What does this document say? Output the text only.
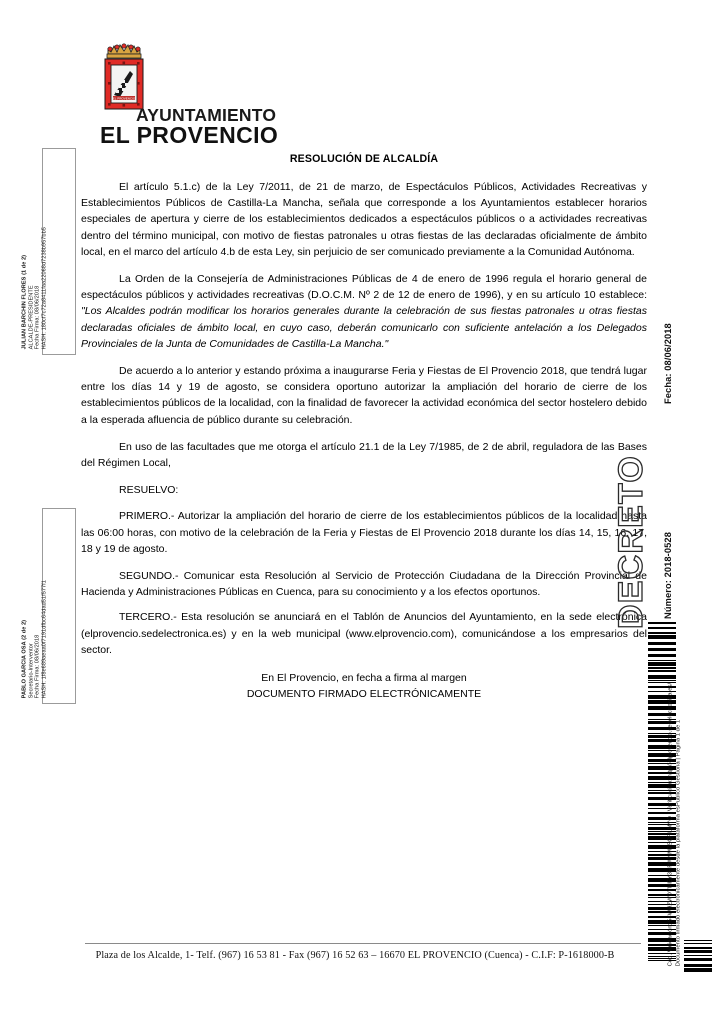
EL PROVENCIO
AYUNTAMIENTO
EL PROVENCIO
RESOLUCIÓN DE ALCALDÍA

El artículo 5.1.c) de la Ley 7/2011, de 21 de marzo, de Espectáculos Públicos, Actividades Recreativas y Establecimientos Públicos de Castilla-La Mancha, señala que corresponde a los Ayuntamientos establecer horarios especiales de apertura y cierre de los establecimientos dedicados a espectáculos públicos o a actividades recreativas dentro del término municipal, con motivo de fiestas patronales u otras fiestas de las declaradas oficialmente de ámbito local, en el marco del artículo 4.b de esta Ley, sin perjuicio de ser comunicado previamente a la Comunidad Autónoma.

La Orden de la Consejería de Administraciones Públicas de 4 de enero de 1996 regula el horario general de espectáculos públicos y actividades recreativas (D.O.C.M. Nº 2 de 12 de enero de 1996), y en su artículo 10 establece: "Los Alcaldes podrán modificar los horarios generales durante la celebración de sus fiestas patronales u otras fiestas declaradas oficiales de ámbito local, en cuyo caso, deberán comunicarlo con suficiente antelación a los Delegados Provinciales de la Junta de Comunidades de Castilla-La Mancha."

De acuerdo a lo anterior y estando próxima a inaugurarse Feria y Fiestas de El Provencio 2018, que tendrá lugar entre los días 14 y 19 de agosto, se considera oportuno autorizar la ampliación del horario de cierre de los establecimientos públicos de la localidad, con la finalidad de favorecer la actividad económica del sector hostelero debido a la esperada afluencia de público durante su celebración.

En uso de las facultades que me otorga el artículo 21.1 de la Ley 7/1985, de 2 de abril, reguladora de las Bases del Régimen Local,

RESUELVO:

PRIMERO.- Autorizar la ampliación del horario de cierre de los establecimientos públicos de la localidad hasta las 06:00 horas, con motivo de la celebración de la Feria y Fiestas de El Provencio 2018 durante los días 14, 15, 16, 17, 18 y 19 de agosto.

SEGUNDO.- Comunicar esta Resolución al Servicio de Protección Ciudadana de la Dirección Provincial de Hacienda y Administraciones Públicas en Cuenca, para su conocimiento y a los efectos oportunos.

TERCERO.- Esta resolución se anunciará en el Tablón de Anuncios del Ayuntamiento, en la sede electrónica (elprovencio.sedelectronica.es) y en la web municipal (www.elprovencio.com), comunicándose a los empresarios del sector.

En El Provencio, en fecha a firma al margen
DOCUMENTO FIRMADO ELECTRÓNICAMENTE
JULIAN BARCHIN FLORES (1 de 2) ALCALDE-PRESIDENTE Fecha Firma: 08/06/2018 HASH: 180cf7c72a8411faa22068d7238b957bb5
PABLO GARCIA OSA (2 de 2) Secretario-Interventor Fecha Firma: 08/06/2018 HASH: 1f8e689aeaa0f7191dfbc64dad51f577f1
DECRETO
Fecha: 08/06/2018
Número: 2018-0528
Cód. Validación: 54WHZWDYMEY3HPWNM7SQRLMYQ | Verificación: http://elprovencio.sedelectronica.es/ Documento firmado electrónicamente desde la plataforma esPublico Gestiona | Página 1 de 1
Plaza de los Alcalde, 1- Telf. (967) 16 53 81 - Fax (967) 16 52 63 – 16670 EL PROVENCIO (Cuenca) - C.I.F: P-1618000-B
